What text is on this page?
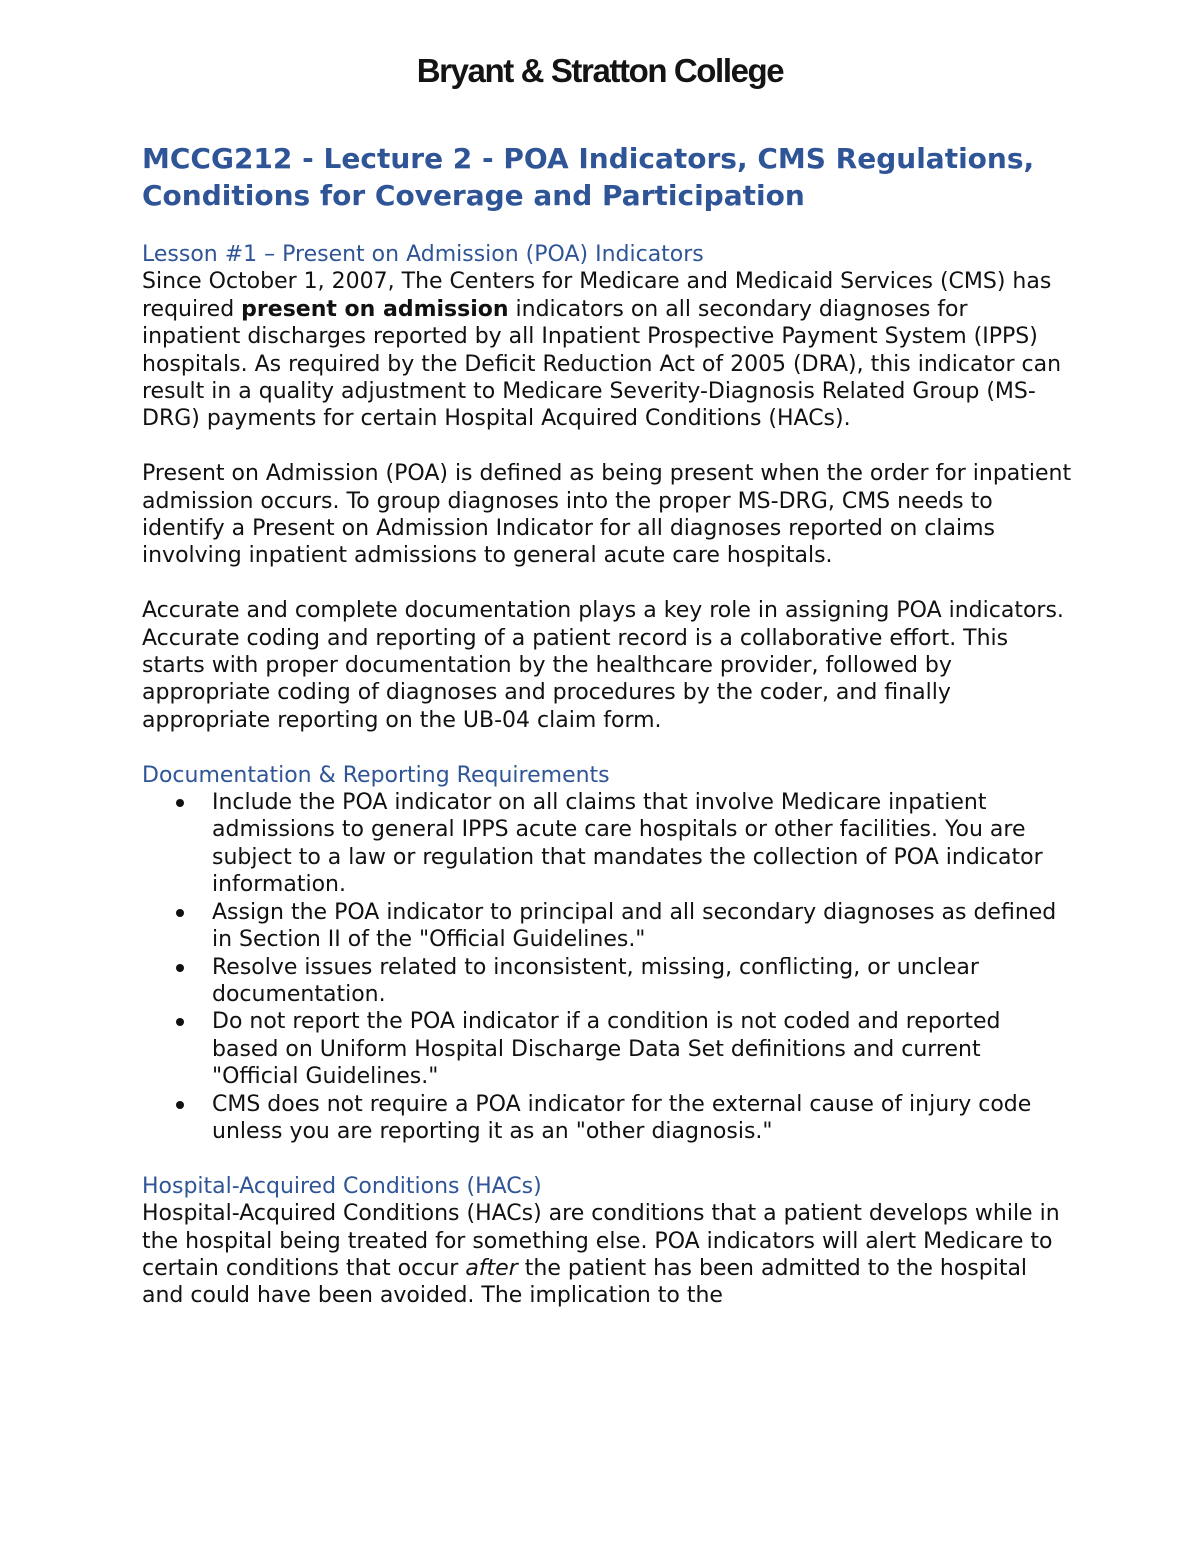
Bryant & Stratton College
MCCG212 - Lecture 2 - POA Indicators, CMS Regulations, Conditions for Coverage and Participation
Lesson #1 – Present on Admission (POA) Indicators

Since October 1, 2007, The Centers for Medicare and Medicaid Services (CMS) has required present on admission indicators on all secondary diagnoses for inpatient discharges reported by all Inpatient Prospective Payment System (IPPS) hospitals. As required by the Deficit Reduction Act of 2005 (DRA), this indicator can result in a quality adjustment to Medicare Severity-Diagnosis Related Group (MS-DRG) payments for certain Hospital Acquired Conditions (HACs).

Present on Admission (POA) is defined as being present when the order for inpatient admission occurs. To group diagnoses into the proper MS-DRG, CMS needs to identify a Present on Admission Indicator for all diagnoses reported on claims involving inpatient admissions to general acute care hospitals.

Accurate and complete documentation plays a key role in assigning POA indicators. Accurate coding and reporting of a patient record is a collaborative effort. This starts with proper documentation by the healthcare provider, followed by appropriate coding of diagnoses and procedures by the coder, and finally appropriate reporting on the UB-04 claim form.

Documentation & Reporting Requirements
Include the POA indicator on all claims that involve Medicare inpatient admissions to general IPPS acute care hospitals or other facilities. You are subject to a law or regulation that mandates the collection of POA indicator information.
Assign the POA indicator to principal and all secondary diagnoses as defined in Section II of the "Official Guidelines."
Resolve issues related to inconsistent, missing, conflicting, or unclear documentation.
Do not report the POA indicator if a condition is not coded and reported based on Uniform Hospital Discharge Data Set definitions and current "Official Guidelines."
CMS does not require a POA indicator for the external cause of injury code unless you are reporting it as an "other diagnosis."
Hospital-Acquired Conditions (HACs)

Hospital-Acquired Conditions (HACs) are conditions that a patient develops while in the hospital being treated for something else. POA indicators will alert Medicare to certain conditions that occur after the patient has been admitted to the hospital and could have been avoided. The implication to the
